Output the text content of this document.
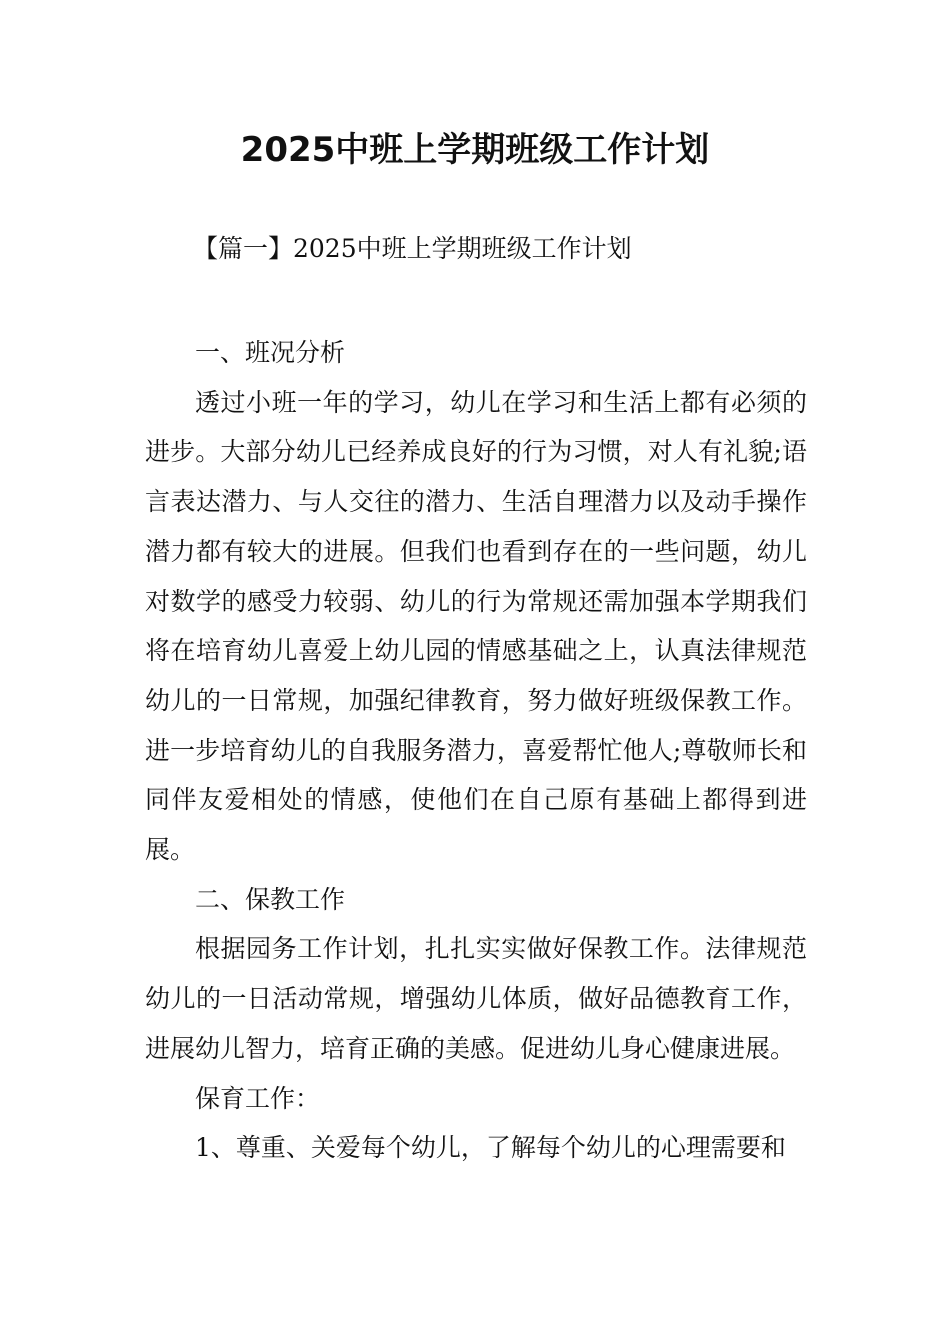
2025中班上学期班级工作计划
【篇一】2025中班上学期班级工作计划

一、班况分析

透过小班一年的学习，幼儿在学习和生活上都有必须的进步。大部分幼儿已经养成良好的行为习惯，对人有礼貌;语言表达潜力、与人交往的潜力、生活自理潜力以及动手操作潜力都有较大的进展。但我们也看到存在的一些问题，幼儿对数学的感受力较弱、幼儿的行为常规还需加强本学期我们将在培育幼儿喜爱上幼儿园的情感基础之上，认真法律规范幼儿的一日常规，加强纪律教育，努力做好班级保教工作。进一步培育幼儿的自我服务潜力，喜爱帮忙他人;尊敬师长和同伴友爱相处的情感，使他们在自己原有基础上都得到进展。

二、保教工作

根据园务工作计划，扎扎实实做好保教工作。法律规范幼儿的一日活动常规，增强幼儿体质，做好品德教育工作，进展幼儿智力，培育正确的美感。促进幼儿身心健康进展。

保育工作：

1、尊重、关爱每个幼儿，了解每个幼儿的心理需要和
